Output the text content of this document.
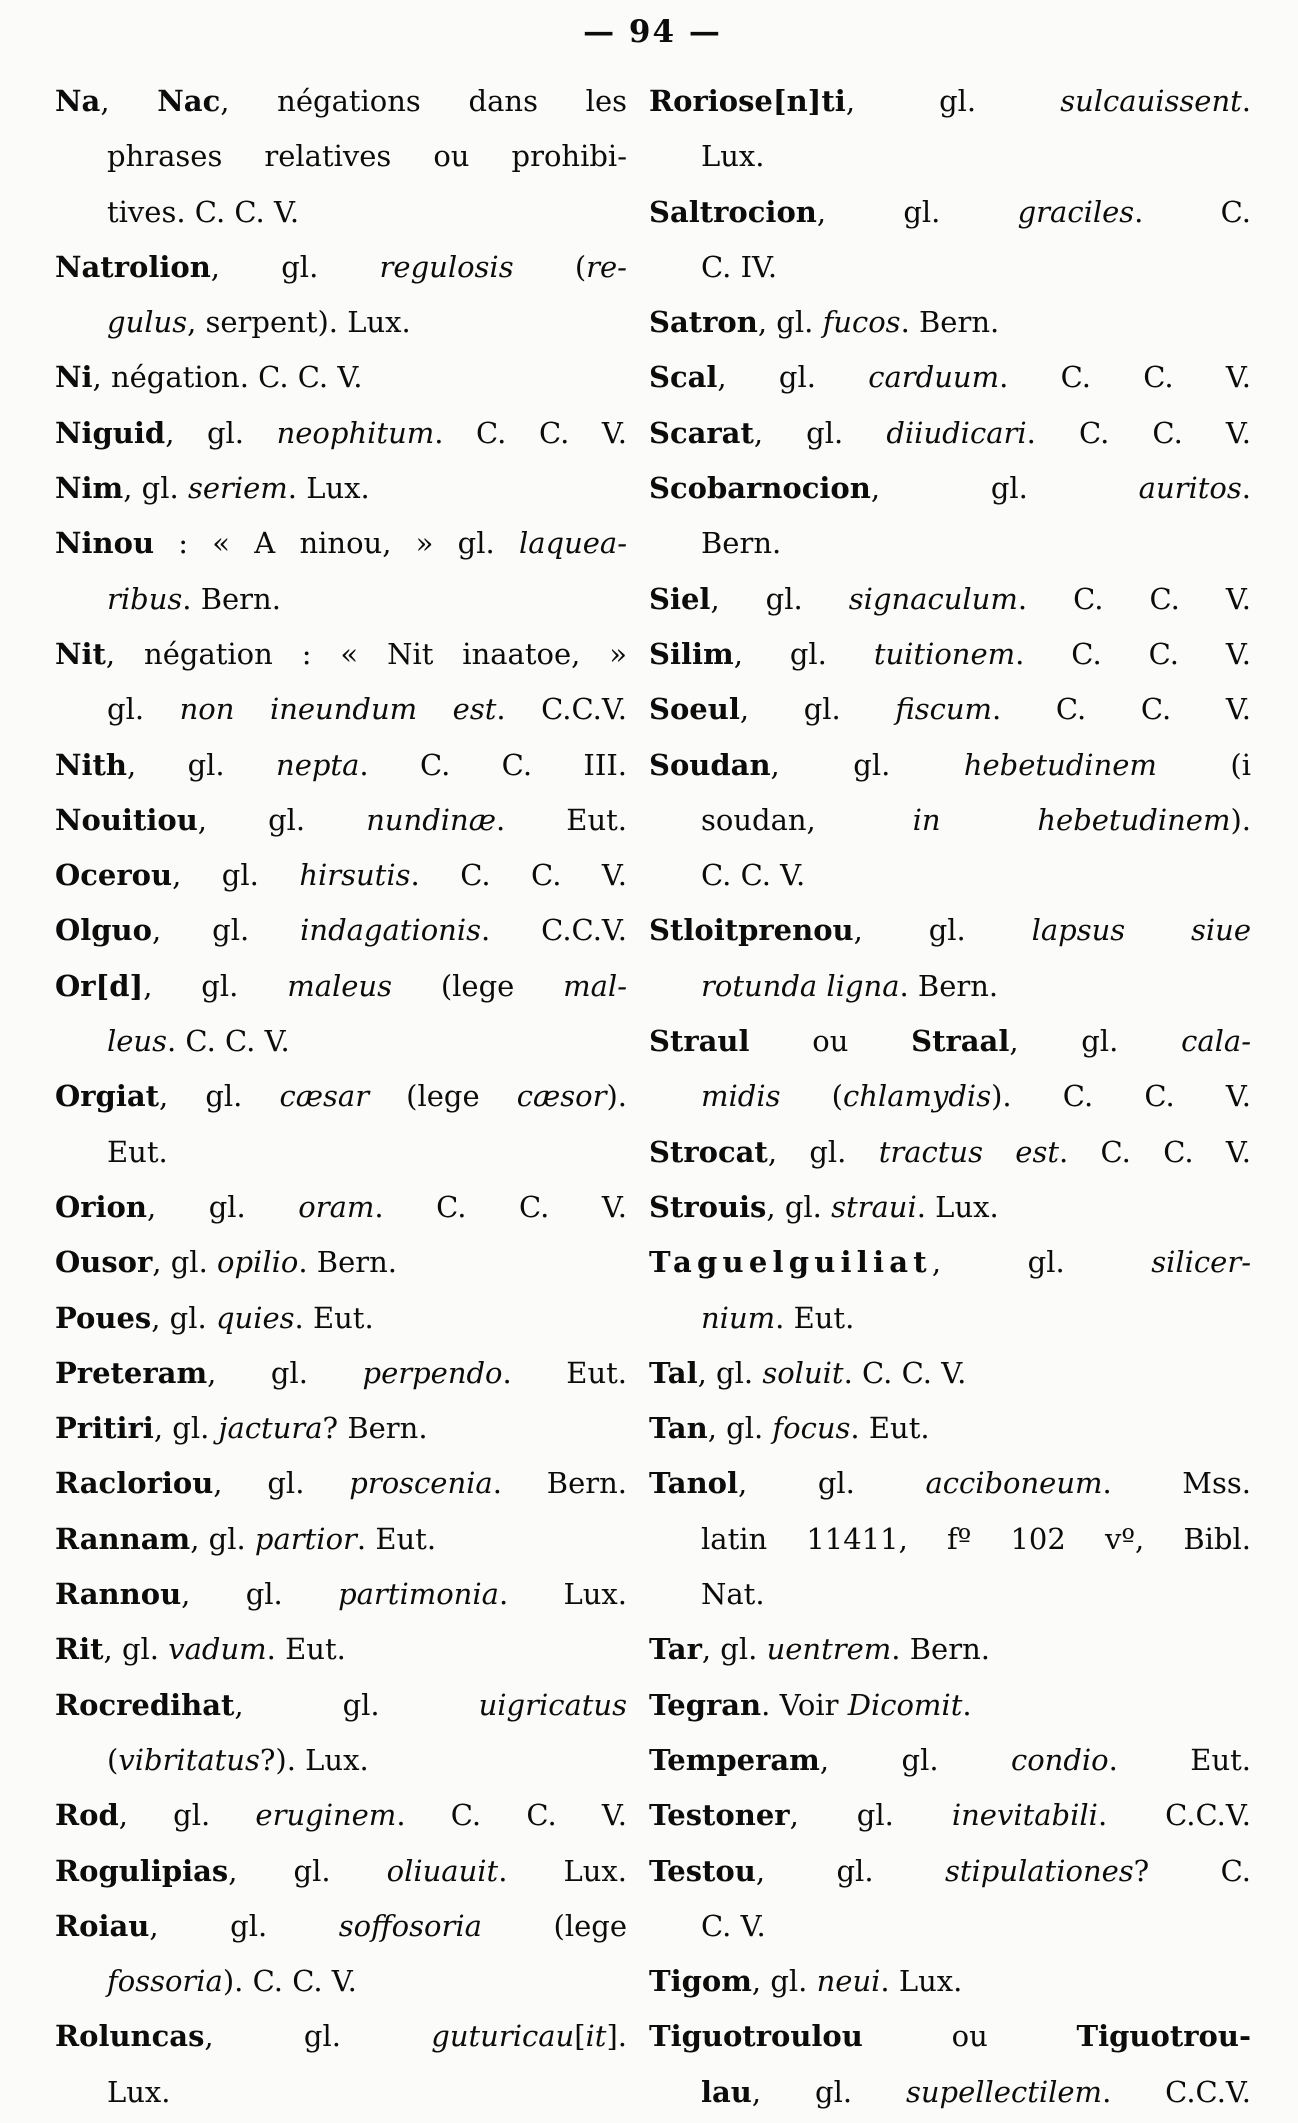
— 94 —
Na, Nac, négations dans les
phrases relatives ou prohibi-
tives. C. C. V.
Natrolion, gl. regulosis (re-
gulus, serpent). Lux.
Ni, négation. C. C. V.
Niguid, gl. neophitum. C. C. V.
Nim, gl. seriem. Lux.
Ninou : « A ninou, » gl. laquea-
ribus. Bern.
Nit, négation : « Nit inaatoe, »
gl. non ineundum est. C.C.V.
Nith, gl. nepta. C. C. III.
Nouitiou, gl. nundinæ. Eut.
Ocerou, gl. hirsutis. C. C. V.
Olguo, gl. indagationis. C.C.V.
Or[d], gl. maleus (lege mal-
leus. C. C. V.
Orgiat, gl. cæsar (lege cæsor).
Eut.
Orion, gl. oram. C. C. V.
Ousor, gl. opilio. Bern.
Poues, gl. quies. Eut.
Preteram, gl. perpendo. Eut.
Pritiri, gl. jactura? Bern.
Racloriou, gl. proscenia. Bern.
Rannam, gl. partior. Eut.
Rannou, gl. partimonia. Lux.
Rit, gl. vadum. Eut.
Rocredihat, gl. uigricatus
(vibritatus?). Lux.
Rod, gl. eruginem. C. C. V.
Rogulipias, gl. oliuauit. Lux.
Roiau, gl. soffosoria (lege
fossoria). C. C. V.
Roluncas, gl. guturicau[it].
Lux.
Roriose[n]ti, gl. sulcauissent.
Lux.
Saltrocion, gl. graciles. C.
C. IV.
Satron, gl. fucos. Bern.
Scal, gl. carduum. C. C. V.
Scarat, gl. diiudicari. C. C. V.
Scobarnocion, gl. auritos.
Bern.
Siel, gl. signaculum. C. C. V.
Silim, gl. tuitionem. C. C. V.
Soeul, gl. fiscum. C. C. V.
Soudan, gl. hebetudinem (i
soudan, in hebetudinem).
C. C. V.
Stloitprenou, gl. lapsus siue
rotunda ligna. Bern.
Straul ou Straal, gl. cala-
midis (chlamydis). C. C. V.
Strocat, gl. tractus est. C. C. V.
Strouis, gl. straui. Lux.
Taguelguiliat, gl. silicer-
nium. Eut.
Tal, gl. soluit. C. C. V.
Tan, gl. focus. Eut.
Tanol, gl. acciboneum. Mss.
latin 11411, fº 102 vº, Bibl.
Nat.
Tar, gl. uentrem. Bern.
Tegran. Voir Dicomit.
Temperam, gl. condio. Eut.
Testoner, gl. inevitabili. C.C.V.
Testou, gl. stipulationes? C.
C. V.
Tigom, gl. neui. Lux.
Tiguotroulou ou Tiguotrou-
lau, gl. supellectilem. C.C.V.
